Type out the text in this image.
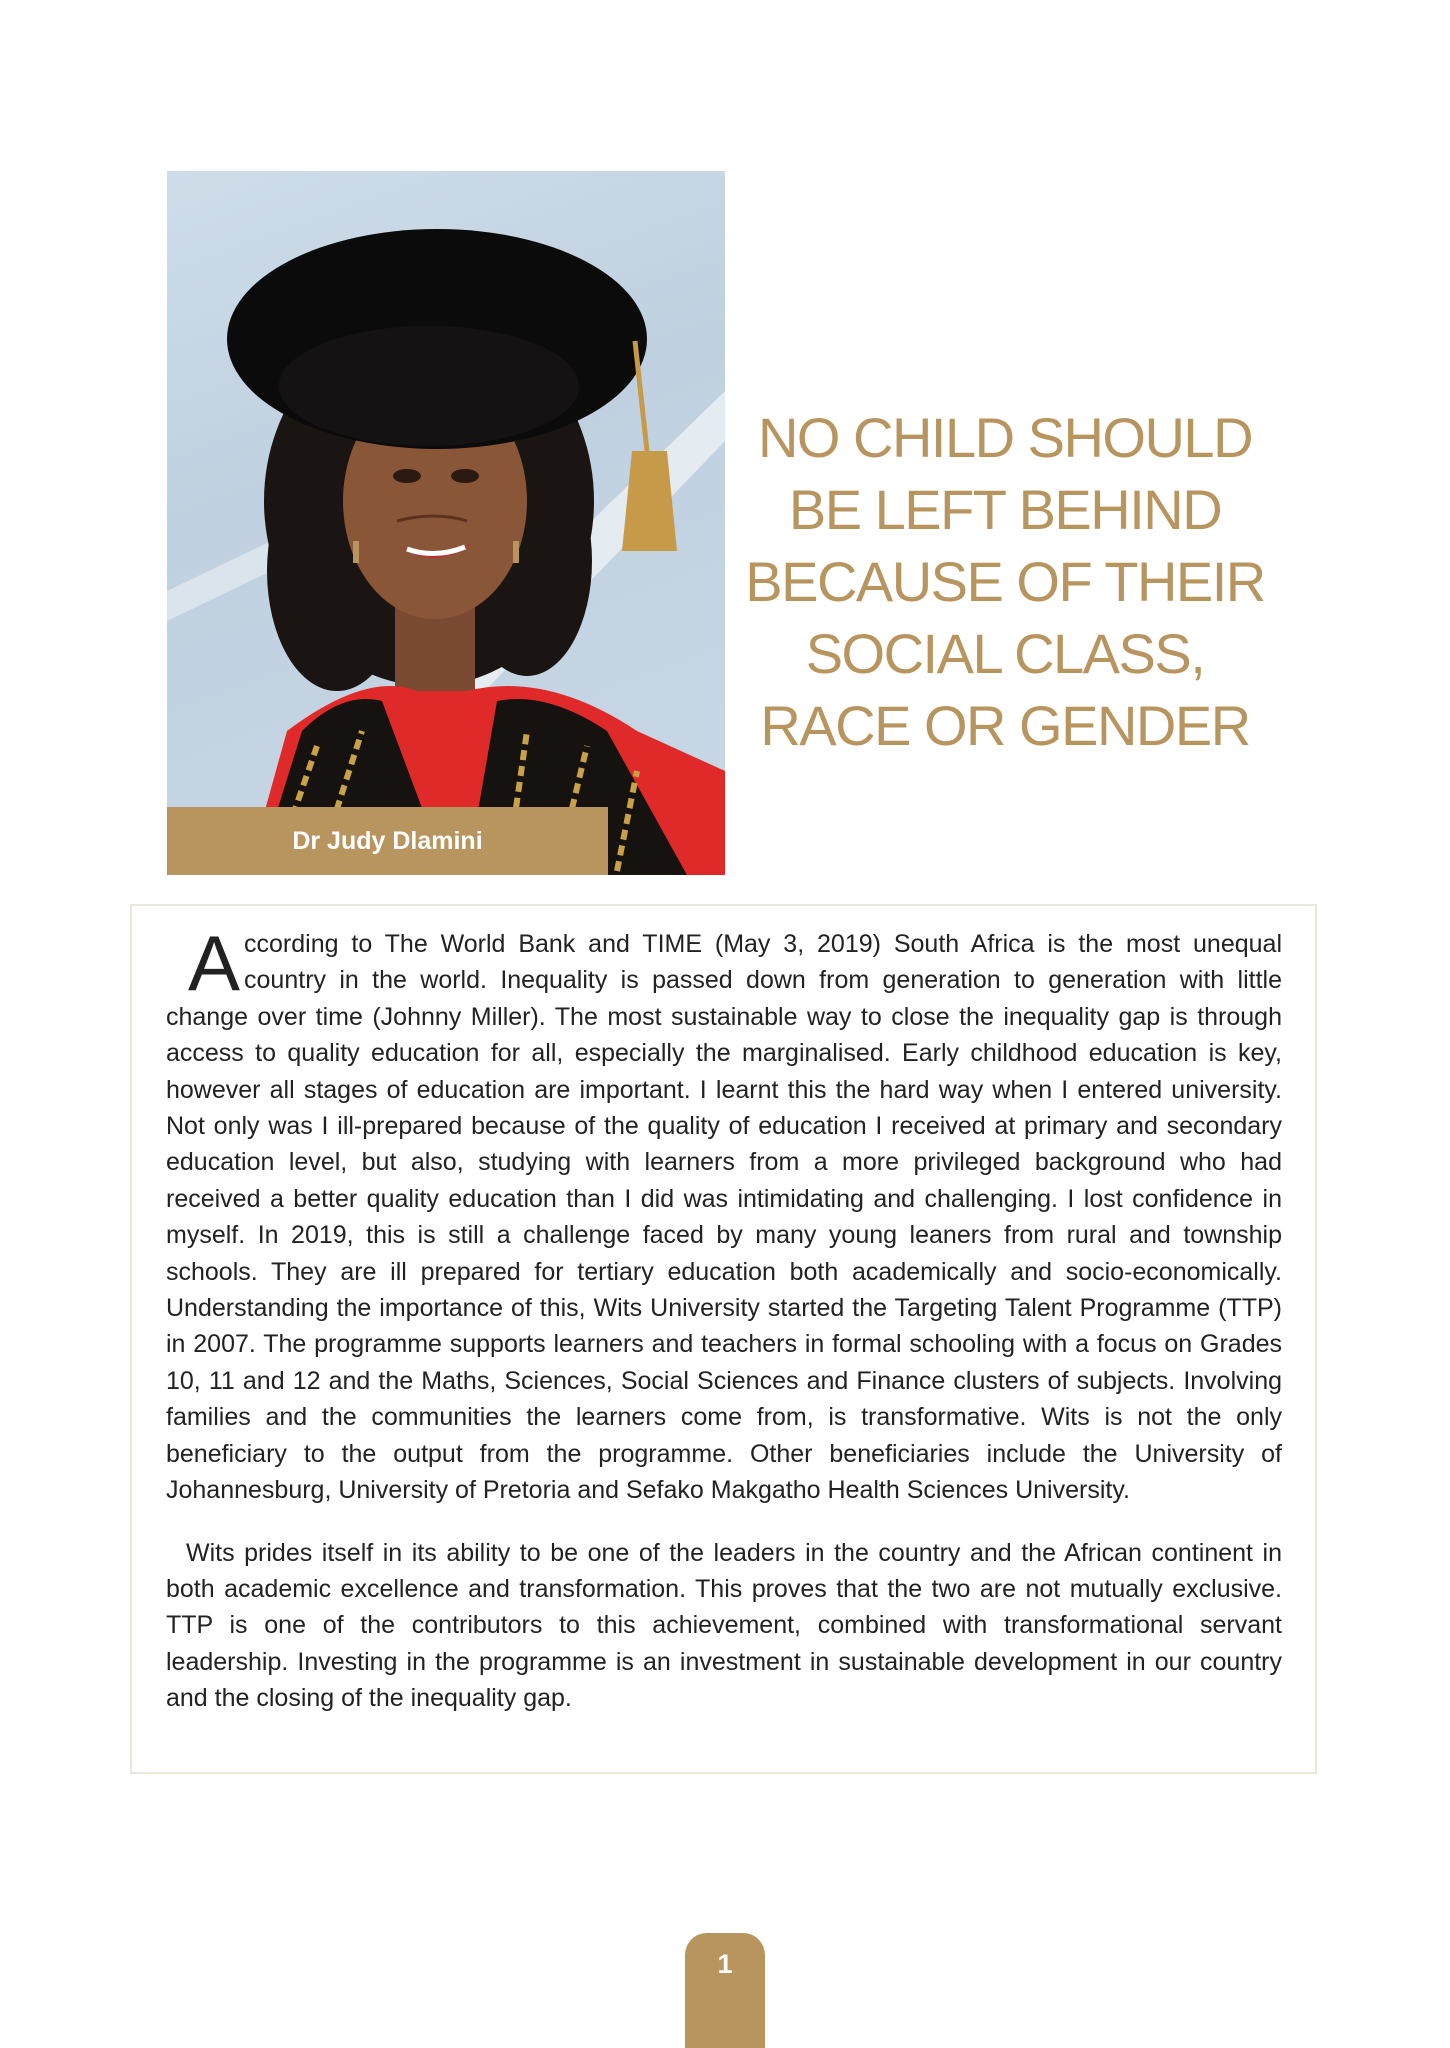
Dr Judy Dlamini
NO CHILD SHOULD
BE LEFT BEHIND
BECAUSE OF THEIR
SOCIAL CLASS,
RACE OR GENDER

According to The World Bank and TIME (May 3, 2019) South Africa is the most unequal country in the world. Inequality is passed down from generation to generation with little change over time (Johnny Miller). The most sustainable way to close the inequality gap is through access to quality education for all, especially the marginalised. Early childhood education is key, however all stages of education are important. I learnt this the hard way when I entered university. Not only was I ill-prepared because of the quality of education I received at primary and secondary education level, but also, studying with learners from a more privileged background who had received a better quality education than I did was intimidating and challenging. I lost confidence in myself. In 2019, this is still a challenge faced by many young leaners from rural and township schools. They are ill prepared for tertiary education both academically and socio-economically. Understanding the importance of this, Wits University started the Targeting Talent Programme (TTP) in 2007. The programme supports learners and teachers in formal schooling with a focus on Grades 10, 11 and 12 and the Maths, Sciences, Social Sciences and Finance clusters of subjects. Involving families and the communities the learners come from, is transformative. Wits is not the only beneficiary to the output from the programme. Other beneficiaries include the University of Johannesburg, University of Pretoria and Sefako Makgatho Health Sciences University.

Wits prides itself in its ability to be one of the leaders in the country and the African continent in both academic excellence and transformation. This proves that the two are not mutually exclusive. TTP is one of the contributors to this achievement, combined with transformational servant leadership. Investing in the programme is an investment in sustainable development in our country and the closing of the inequality gap.

1
